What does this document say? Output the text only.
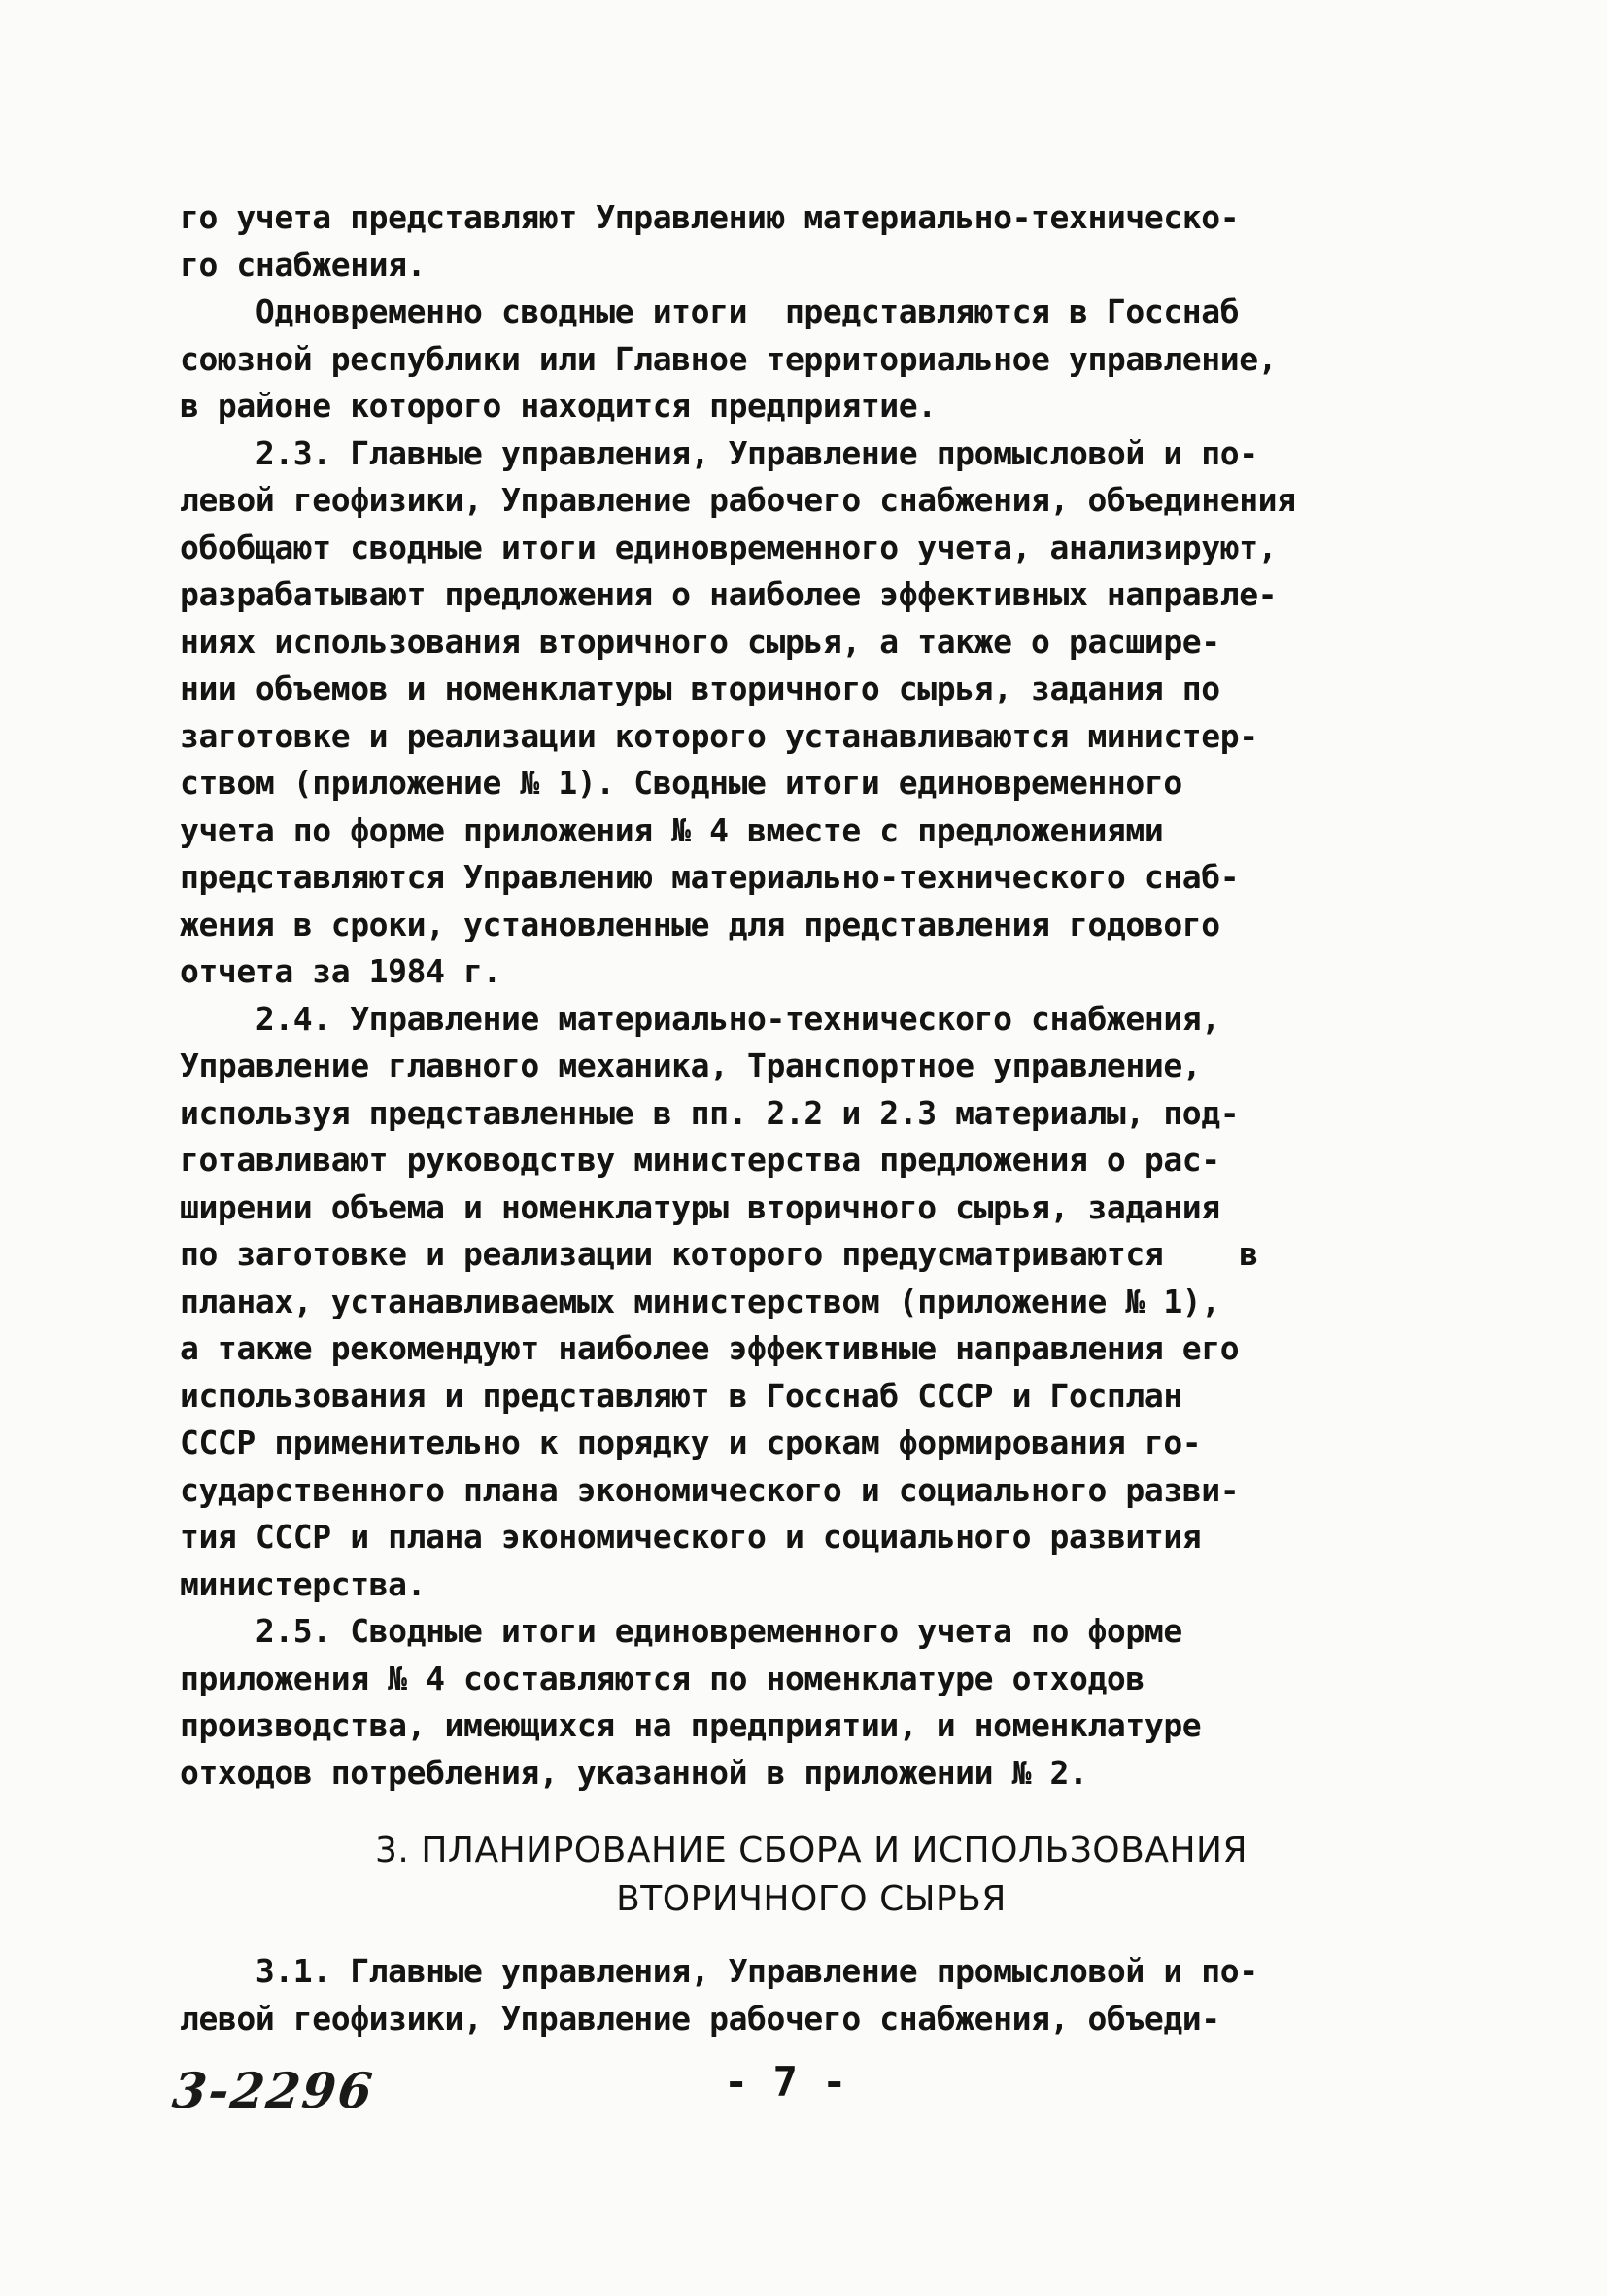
го учета представляют Управлению материально-техническо-
го снабжения.
Одновременно сводные итоги  представляются в Госснаб
союзной республики или Главное территориальное управление,
в районе которого находится предприятие.
2.3. Главные управления, Управление промысловой и по-
левой геофизики, Управление рабочего снабжения, объединения
обобщают сводные итоги единовременного учета, анализируют,
разрабатывают предложения о наиболее эффективных направле-
ниях использования вторичного сырья, а также о расшире-
нии объемов и номенклатуры вторичного сырья, задания по
заготовке и реализации которого устанавливаются министер-
ством (приложение № 1). Сводные итоги единовременного
учета по форме приложения № 4 вместе с предложениями
представляются Управлению материально-технического снаб-
жения в сроки, установленные для представления годового
отчета за 1984 г.
2.4. Управление материально-технического снабжения,
Управление главного механика, Транспортное управление,
используя представленные в пп. 2.2 и 2.3 материалы, под-
готавливают руководству министерства предложения о рас-
ширении объема и номенклатуры вторичного сырья, задания
по заготовке и реализации которого предусматриваются    в
планах, устанавливаемых министерством (приложение № 1),
а также рекомендуют наиболее эффективные направления его
использования и представляют в Госснаб СССР и Госплан
СССР применительно к порядку и срокам формирования го-
сударственного плана экономического и социального разви-
тия СССР и плана экономического и социального развития
министерства.
2.5. Сводные итоги единовременного учета по форме
приложения № 4 составляются по номенклатуре отходов
производства, имеющихся на предприятии, и номенклатуре
отходов потребления, указанной в приложении № 2.
3. ПЛАНИРОВАНИЕ СБОРА И ИСПОЛЬЗОВАНИЯ
ВТОРИЧНОГО СЫРЬЯ
3.1. Главные управления, Управление промысловой и по-
левой геофизики, Управление рабочего снабжения, объеди-
3-2296	- 7 -
